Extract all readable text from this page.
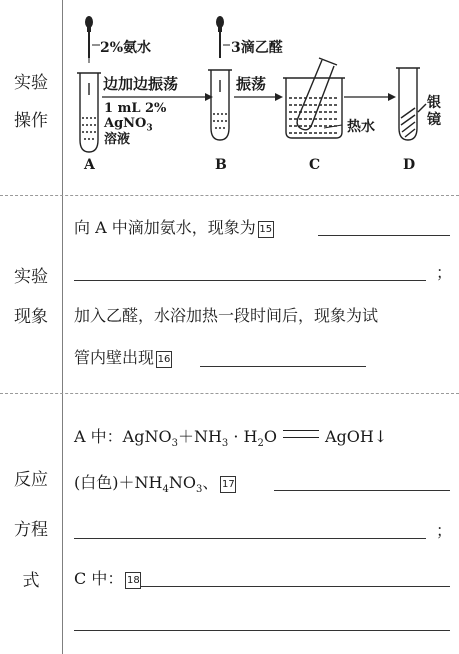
实验
操作
2%氨水
边加边振荡
1 mL 2%
AgNO$_3$
溶液
3滴乙醛
振荡
热水
银镜
A	B	C	D
实验
现象
向 A 中滴加氨水，现象为 15
；
加入乙醛，水浴加热一段时间后，现象为试
管内壁出现 16
反应
方程
式
A 中：$AgNO_3+NH_3 \cdot H_2O$	AgOH↓
(白色)$+NH_4NO_3$、 17
；
C 中： 18
